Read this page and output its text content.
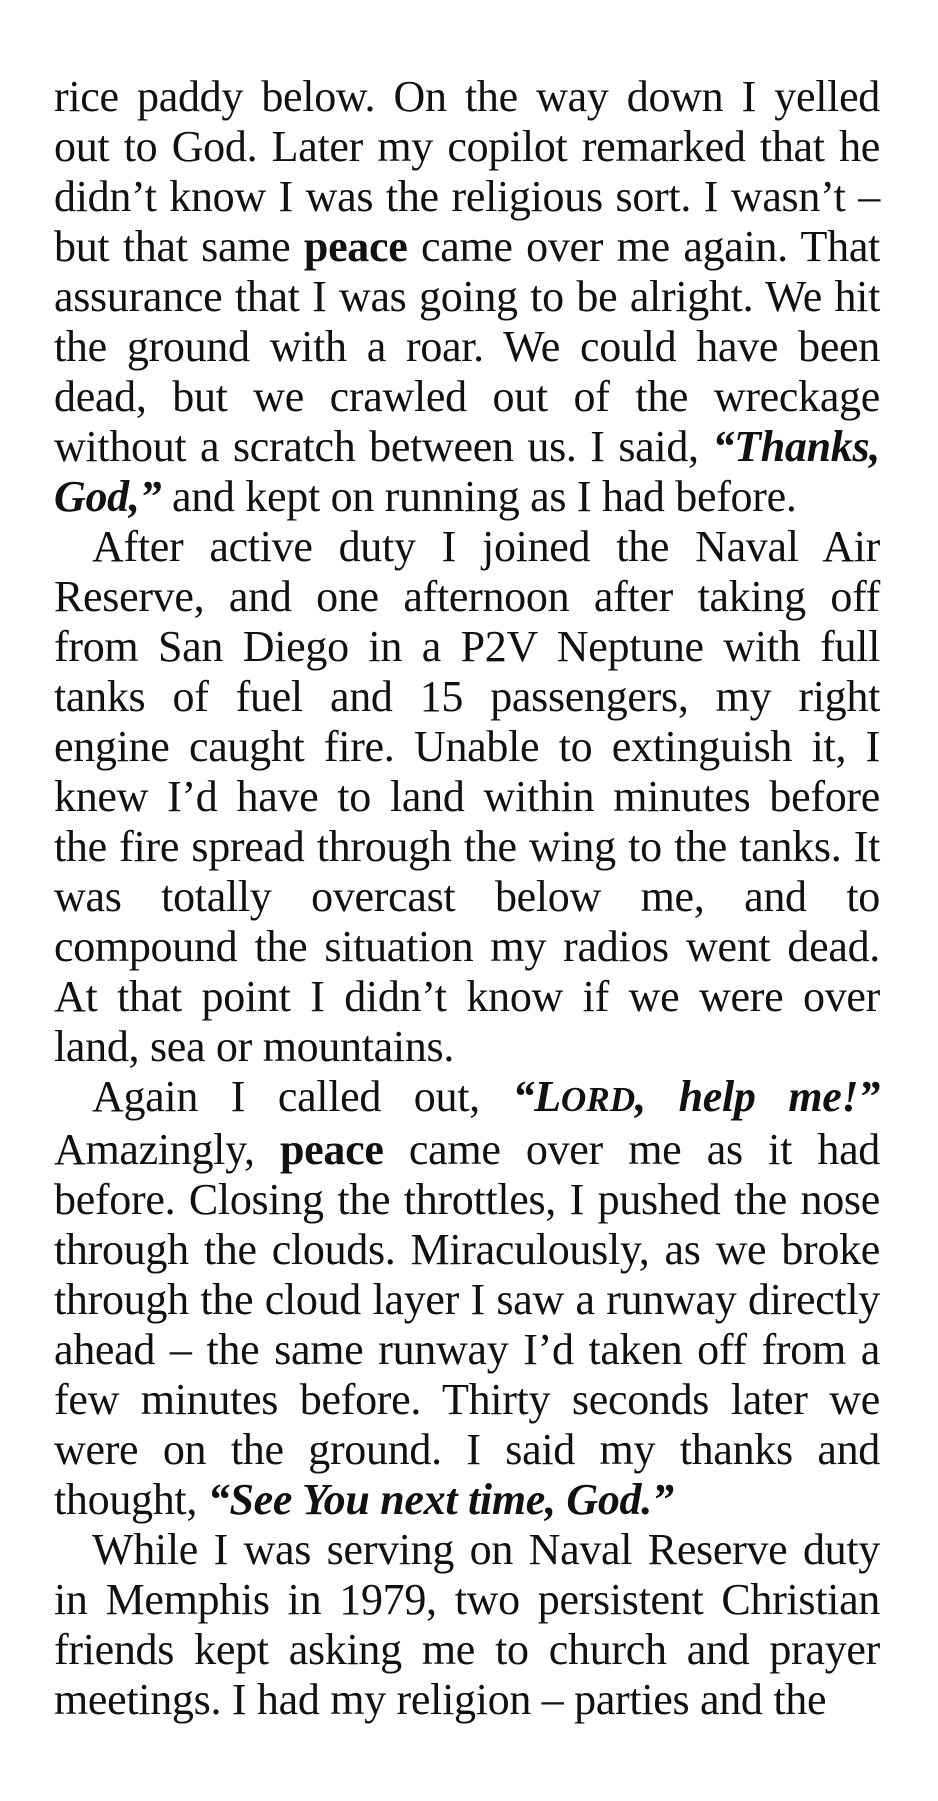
rice paddy below. On the way down I yelled out to God. Later my copilot remarked that he didn’t know I was the religious sort. I wasn’t – but that same peace came over me again. That assurance that I was going to be alright. We hit the ground with a roar. We could have been dead, but we crawled out of the wreckage without a scratch between us. I said, “Thanks, God,” and kept on running as I had before.

After active duty I joined the Naval Air Reserve, and one afternoon after taking off from San Diego in a P2V Neptune with full tanks of fuel and 15 passengers, my right engine caught fire. Unable to extinguish it, I knew I’d have to land within minutes before the fire spread through the wing to the tanks. It was totally overcast below me, and to compound the situation my radios went dead. At that point I didn’t know if we were over land, sea or mountains.

Again I called out, “LORD, help me!” Amazingly, peace came over me as it had before. Closing the throttles, I pushed the nose through the clouds. Miraculously, as we broke through the cloud layer I saw a runway directly ahead – the same runway I’d taken off from a few minutes before. Thirty seconds later we were on the ground. I said my thanks and thought, “See You next time, God.”

While I was serving on Naval Reserve duty in Memphis in 1979, two persistent Christian friends kept asking me to church and prayer meetings. I had my religion – parties and the
